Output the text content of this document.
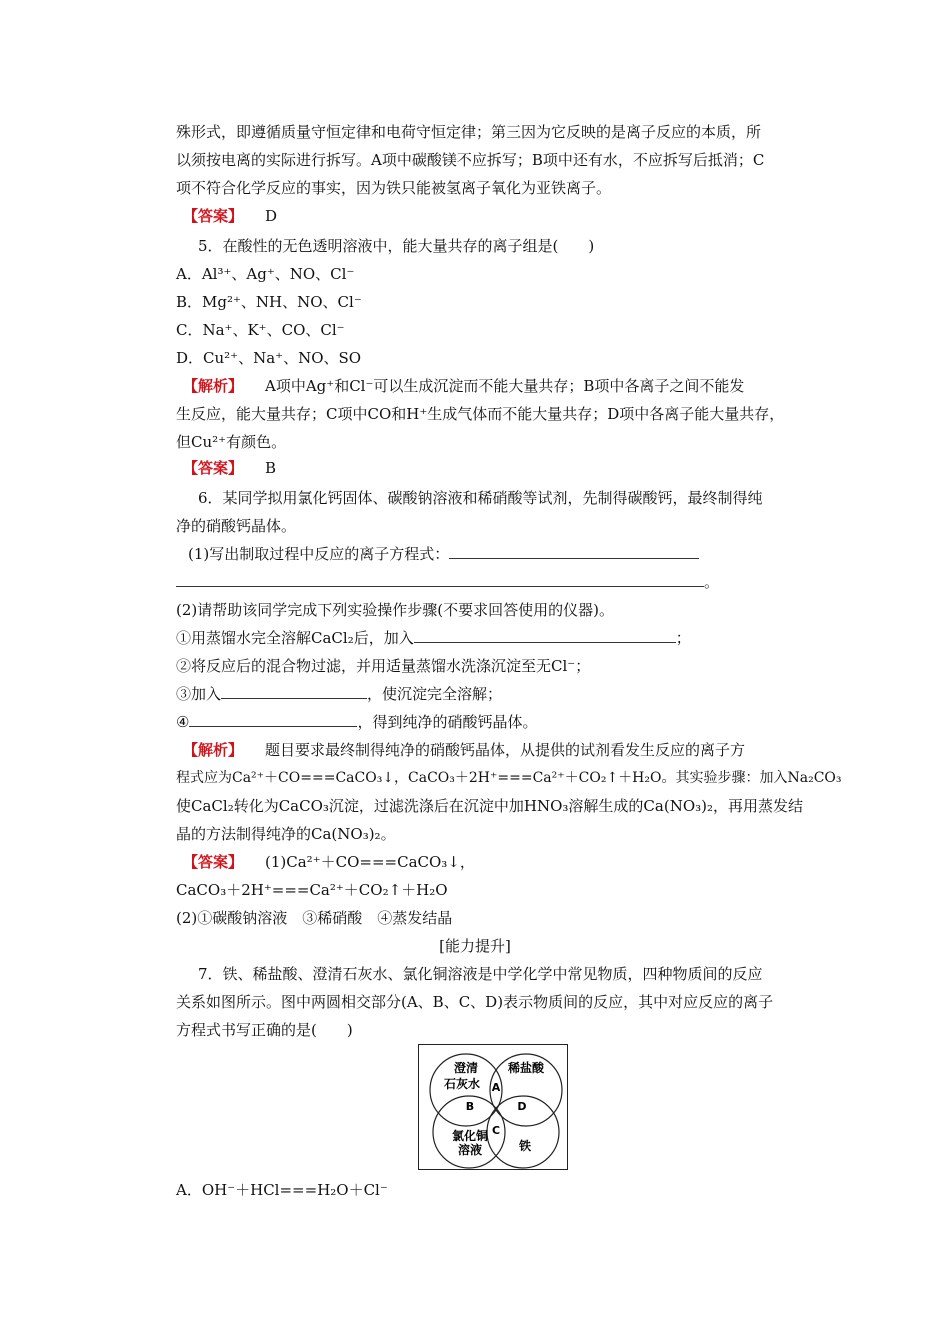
殊形式，即遵循质量守恒定律和电荷守恒定律；第三因为它反映的是离子反应的本质，所
以须按电离的实际进行拆写。A项中碳酸镁不应拆写；B项中还有水，不应拆写后抵消；C
项不符合化学反应的事实，因为铁只能被氢离子氧化为亚铁离子。
【答案】 D
5．在酸性的无色透明溶液中，能大量共存的离子组是(　　)
A．Al³⁺、Ag⁺、NO、Cl⁻
B．Mg²⁺、NH、NO、Cl⁻
C．Na⁺、K⁺、CO、Cl⁻
D．Cu²⁺、Na⁺、NO、SO
【解析】 A项中Ag⁺和Cl⁻可以生成沉淀而不能大量共存；B项中各离子之间不能发
生反应，能大量共存；C项中CO和H⁺生成气体而不能大量共存；D项中各离子能大量共存，
但Cu²⁺有颜色。
【答案】 B
6．某同学拟用氯化钙固体、碳酸钠溶液和稀硝酸等试剂，先制得碳酸钙，最终制得纯
净的硝酸钙晶体。
(1)写出制取过程中反应的离子方程式：
。
(2)请帮助该同学完成下列实验操作步骤(不要求回答使用的仪器)。
①用蒸馏水完全溶解CaCl₂后，加入	；
②将反应后的混合物过滤，并用适量蒸馏水洗涤沉淀至无Cl⁻；
③加入	，使沉淀完全溶解；
④	，得到纯净的硝酸钙晶体。
【解析】 题目要求最终制得纯净的硝酸钙晶体，从提供的试剂看发生反应的离子方
程式应为Ca²⁺＋CO===CaCO₃↓，CaCO₃＋2H⁺===Ca²⁺＋CO₂↑＋H₂O。其实验步骤：加入Na₂CO₃
使CaCl₂转化为CaCO₃沉淀，过滤洗涤后在沉淀中加HNO₃溶解生成的Ca(NO₃)₂，再用蒸发结
晶的方法制得纯净的Ca(NO₃)₂。
【答案】 (1)Ca²⁺＋CO===CaCO₃↓，
CaCO₃＋2H⁺===Ca²⁺＋CO₂↑＋H₂O
(2)①碳酸钠溶液　③稀硝酸　④蒸发结晶
[能力提升]
7．铁、稀盐酸、澄清石灰水、氯化铜溶液是中学化学中常见物质，四种物质间的反应
关系如图所示。图中两圆相交部分(A、B、C、D)表示物质间的反应，其中对应反应的离子
方程式书写正确的是(　　)
澄清
石灰水
稀盐酸
氯化铜
溶液	铁
A
B
C
D
A．OH⁻＋HCl===H₂O＋Cl⁻
